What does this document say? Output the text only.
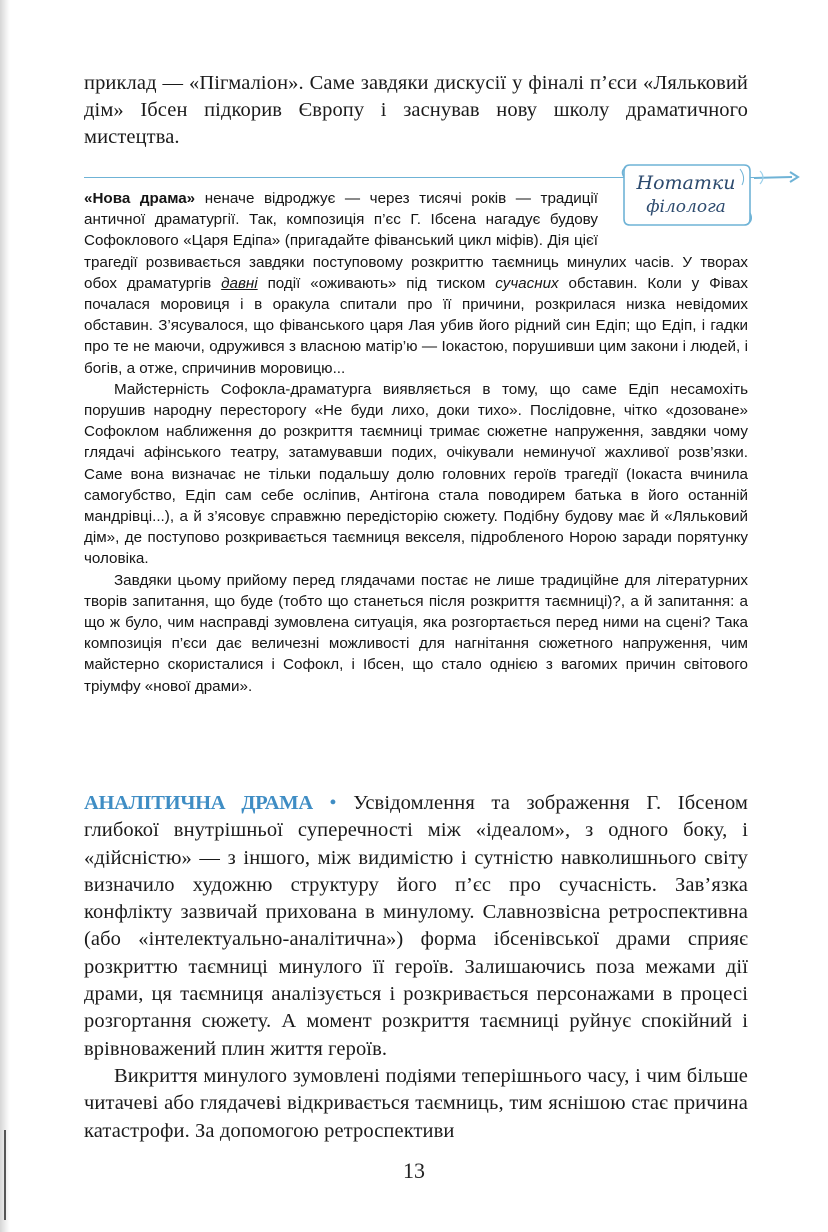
приклад — «Пігмаліон». Саме завдяки дискусії у фіналі п’єси «Ляльковий дім» Ібсен підкорив Європу і заснував нову школу драматичного мистецтва.
Нотатки
філолога

«Нова драма» неначе відроджує — через тисячі років — традиції античної драматургії. Так, композиція п’єс Г. Ібсена нагадує будову Софоклового «Царя Едіпа» (пригадайте фіванський цикл міфів). Дія цієї трагедії розвивається завдяки поступовому розкриттю таємниць минулих часів. У творах обох драматургів давні події «оживають» під тиском сучасних обставин. Коли у Фівах почалася моровиця і в оракула спитали про її причини, розкрилася низка невідомих обставин. З’ясувалося, що фіванського царя Лая убив його рідний син Едіп; що Едіп, і гадки про те не маючи, одружився з власною матір’ю — Іокастою, порушивши цим закони і людей, і богів, а отже, спричинив моровицю...

Майстерність Софокла-драматурга виявляється в тому, що саме Едіп несамохіть порушив народну пересторогу «Не буди лихо, доки тихо». Послідовне, чітко «дозоване» Софоклом наближення до розкриття таємниці тримає сюжетне напруження, завдяки чому глядачі афінського театру, затамувавши подих, очікували неминучої жахливої розв’язки. Саме вона визначає не тільки подальшу долю головних героїв трагедії (Іокаста вчинила самогубство, Едіп сам себе осліпив, Антігона стала поводирем батька в його останній мандрівці...), а й з’ясовує справжню передісторію сюжету. Подібну будову має й «Ляльковий дім», де поступово розкривається таємниця векселя, підробленого Норою заради порятунку чоловіка.

Завдяки цьому прийому перед глядачами постає не лише традиційне для літературних творів запитання, що буде (тобто що станеться після розкриття таємниці)?, а й запитання: а що ж було, чим насправді зумовлена ситуація, яка розгортається перед ними на сцені? Така композиція п’єси дає величезні можливості для нагнітання сюжетного напруження, чим майстерно скористалися і Софокл, і Ібсен, що стало однією з вагомих причин світового тріумфу «нової драми».

АНАЛІТИЧНА ДРАМА • Усвідомлення та зображення Г. Ібсеном глибокої внутрішньої суперечності між «ідеалом», з одного боку, і «дійсністю» — з іншого, між видимістю і сутністю навколишнього світу визначило художню структуру його п’єс про сучасність. Зав’язка конфлікту зазвичай прихована в минулому. Славнозвісна ретроспективна (або «інтелектуально-аналітична») форма ібсенівської драми сприяє розкриттю таємниці минулого її героїв. Залишаючись поза межами дії драми, ця таємниця аналізується і розкривається персонажами в процесі розгортання сюжету. А момент розкриття таємниці руйнує спокійний і врівноважений плин життя героїв.

Викриття минулого зумовлені подіями теперішнього часу, і чим більше читачеві або глядачеві відкривається таємниць, тим яснішою стає причина катастрофи. За допомогою ретроспективи

13
